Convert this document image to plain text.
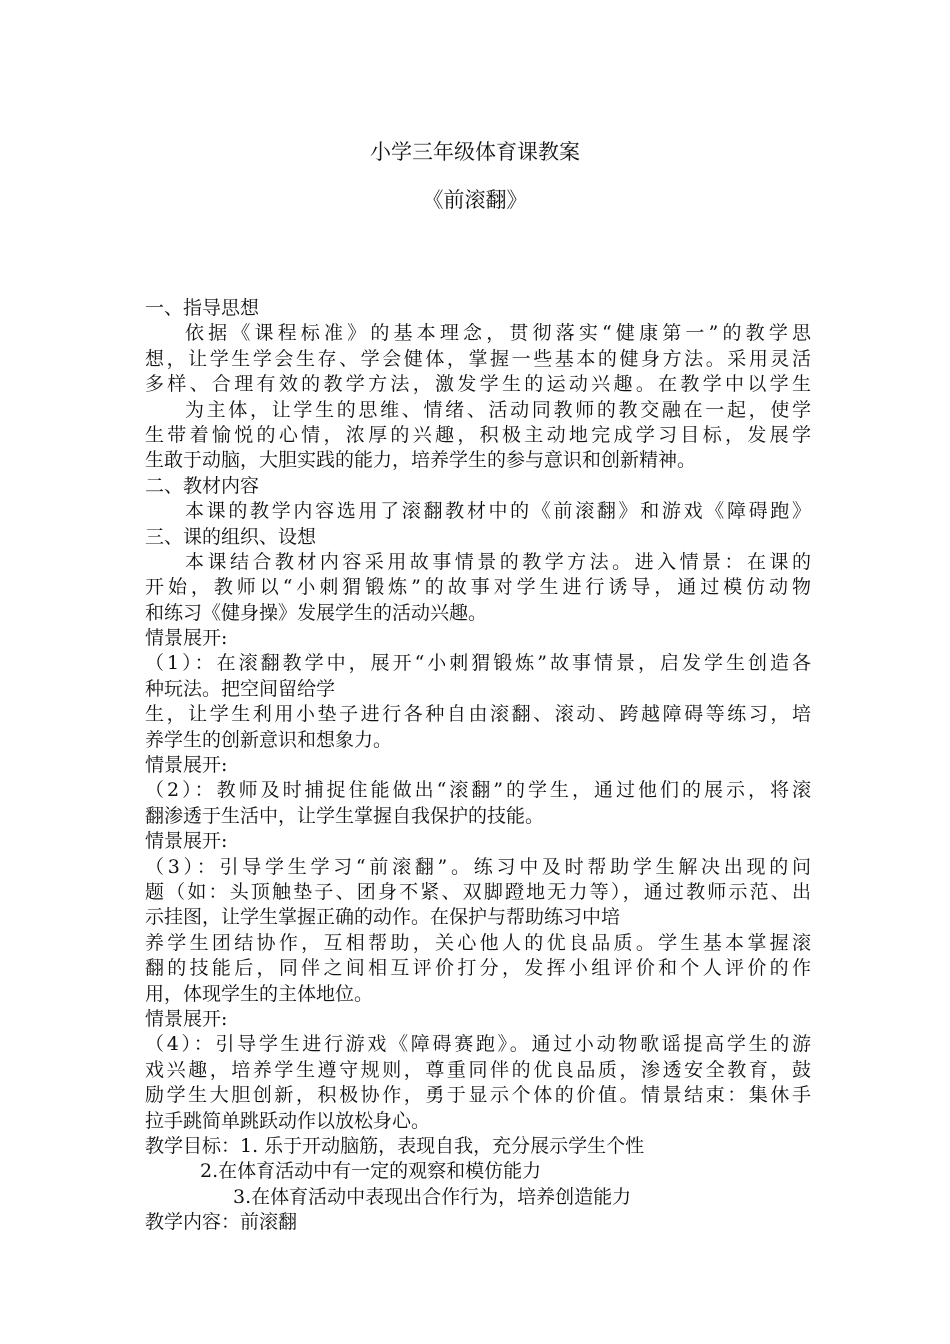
小学三年级体育课教案
《前滚翻》
一、指导思想
依据《课程标准》的基本理念，贯彻落实“健康第一”的教学思
想，让学生学会生存、学会健体，掌握一些基本的健身方法。采用灵活
多样、合理有效的教学方法，激发学生的运动兴趣。在教学中以学生
为主体，让学生的思维、情绪、活动同教师的教交融在一起，使学
生带着愉悦的心情，浓厚的兴趣，积极主动地完成学习目标，发展学
生敢于动脑，大胆实践的能力，培养学生的参与意识和创新精神。
二、教材内容
本课的教学内容选用了滚翻教材中的《前滚翻》和游戏《障碍跑》
三、课的组织、设想
本课结合教材内容采用故事情景的教学方法。进入情景：在课的
开始，教师以“小刺猬锻炼”的故事对学生进行诱导，通过模仿动物
和练习《健身操》发展学生的活动兴趣。
情景展开:
（1）：在滚翻教学中，展开“小刺猬锻炼”故事情景，启发学生创造各
种玩法。把空间留给学
生，让学生利用小垫子进行各种自由滚翻、滚动、跨越障碍等练习，培
养学生的创新意识和想象力。
情景展开:
（2）：教师及时捕捉住能做出“滚翻”的学生，通过他们的展示，将滚
翻渗透于生活中，让学生掌握自我保护的技能。
情景展开:
（3）：引导学生学习“前滚翻”。练习中及时帮助学生解决出现的问
题（如：头顶触垫子、团身不紧、双脚蹬地无力等），通过教师示范、出
示挂图，让学生掌握正确的动作。在保护与帮助练习中培
养学生团结协作，互相帮助，关心他人的优良品质。学生基本掌握滚
翻的技能后，同伴之间相互评价打分，发挥小组评价和个人评价的作
用，体现学生的主体地位。
情景展开:
（4）：引导学生进行游戏《障碍赛跑》。通过小动物歌谣提高学生的游
戏兴趣，培养学生遵守规则，尊重同伴的优良品质，渗透安全教育，鼓
励学生大胆创新，积极协作，勇于显示个体的价值。情景结束：集休手
拉手跳简单跳跃动作以放松身心。
教学目标：1. 乐于开动脑筋，表现自我，充分展示学生个性
2.在体育活动中有一定的观察和模仿能力
3.在体育活动中表现出合作行为，培养创造能力
教学内容：前滚翻
